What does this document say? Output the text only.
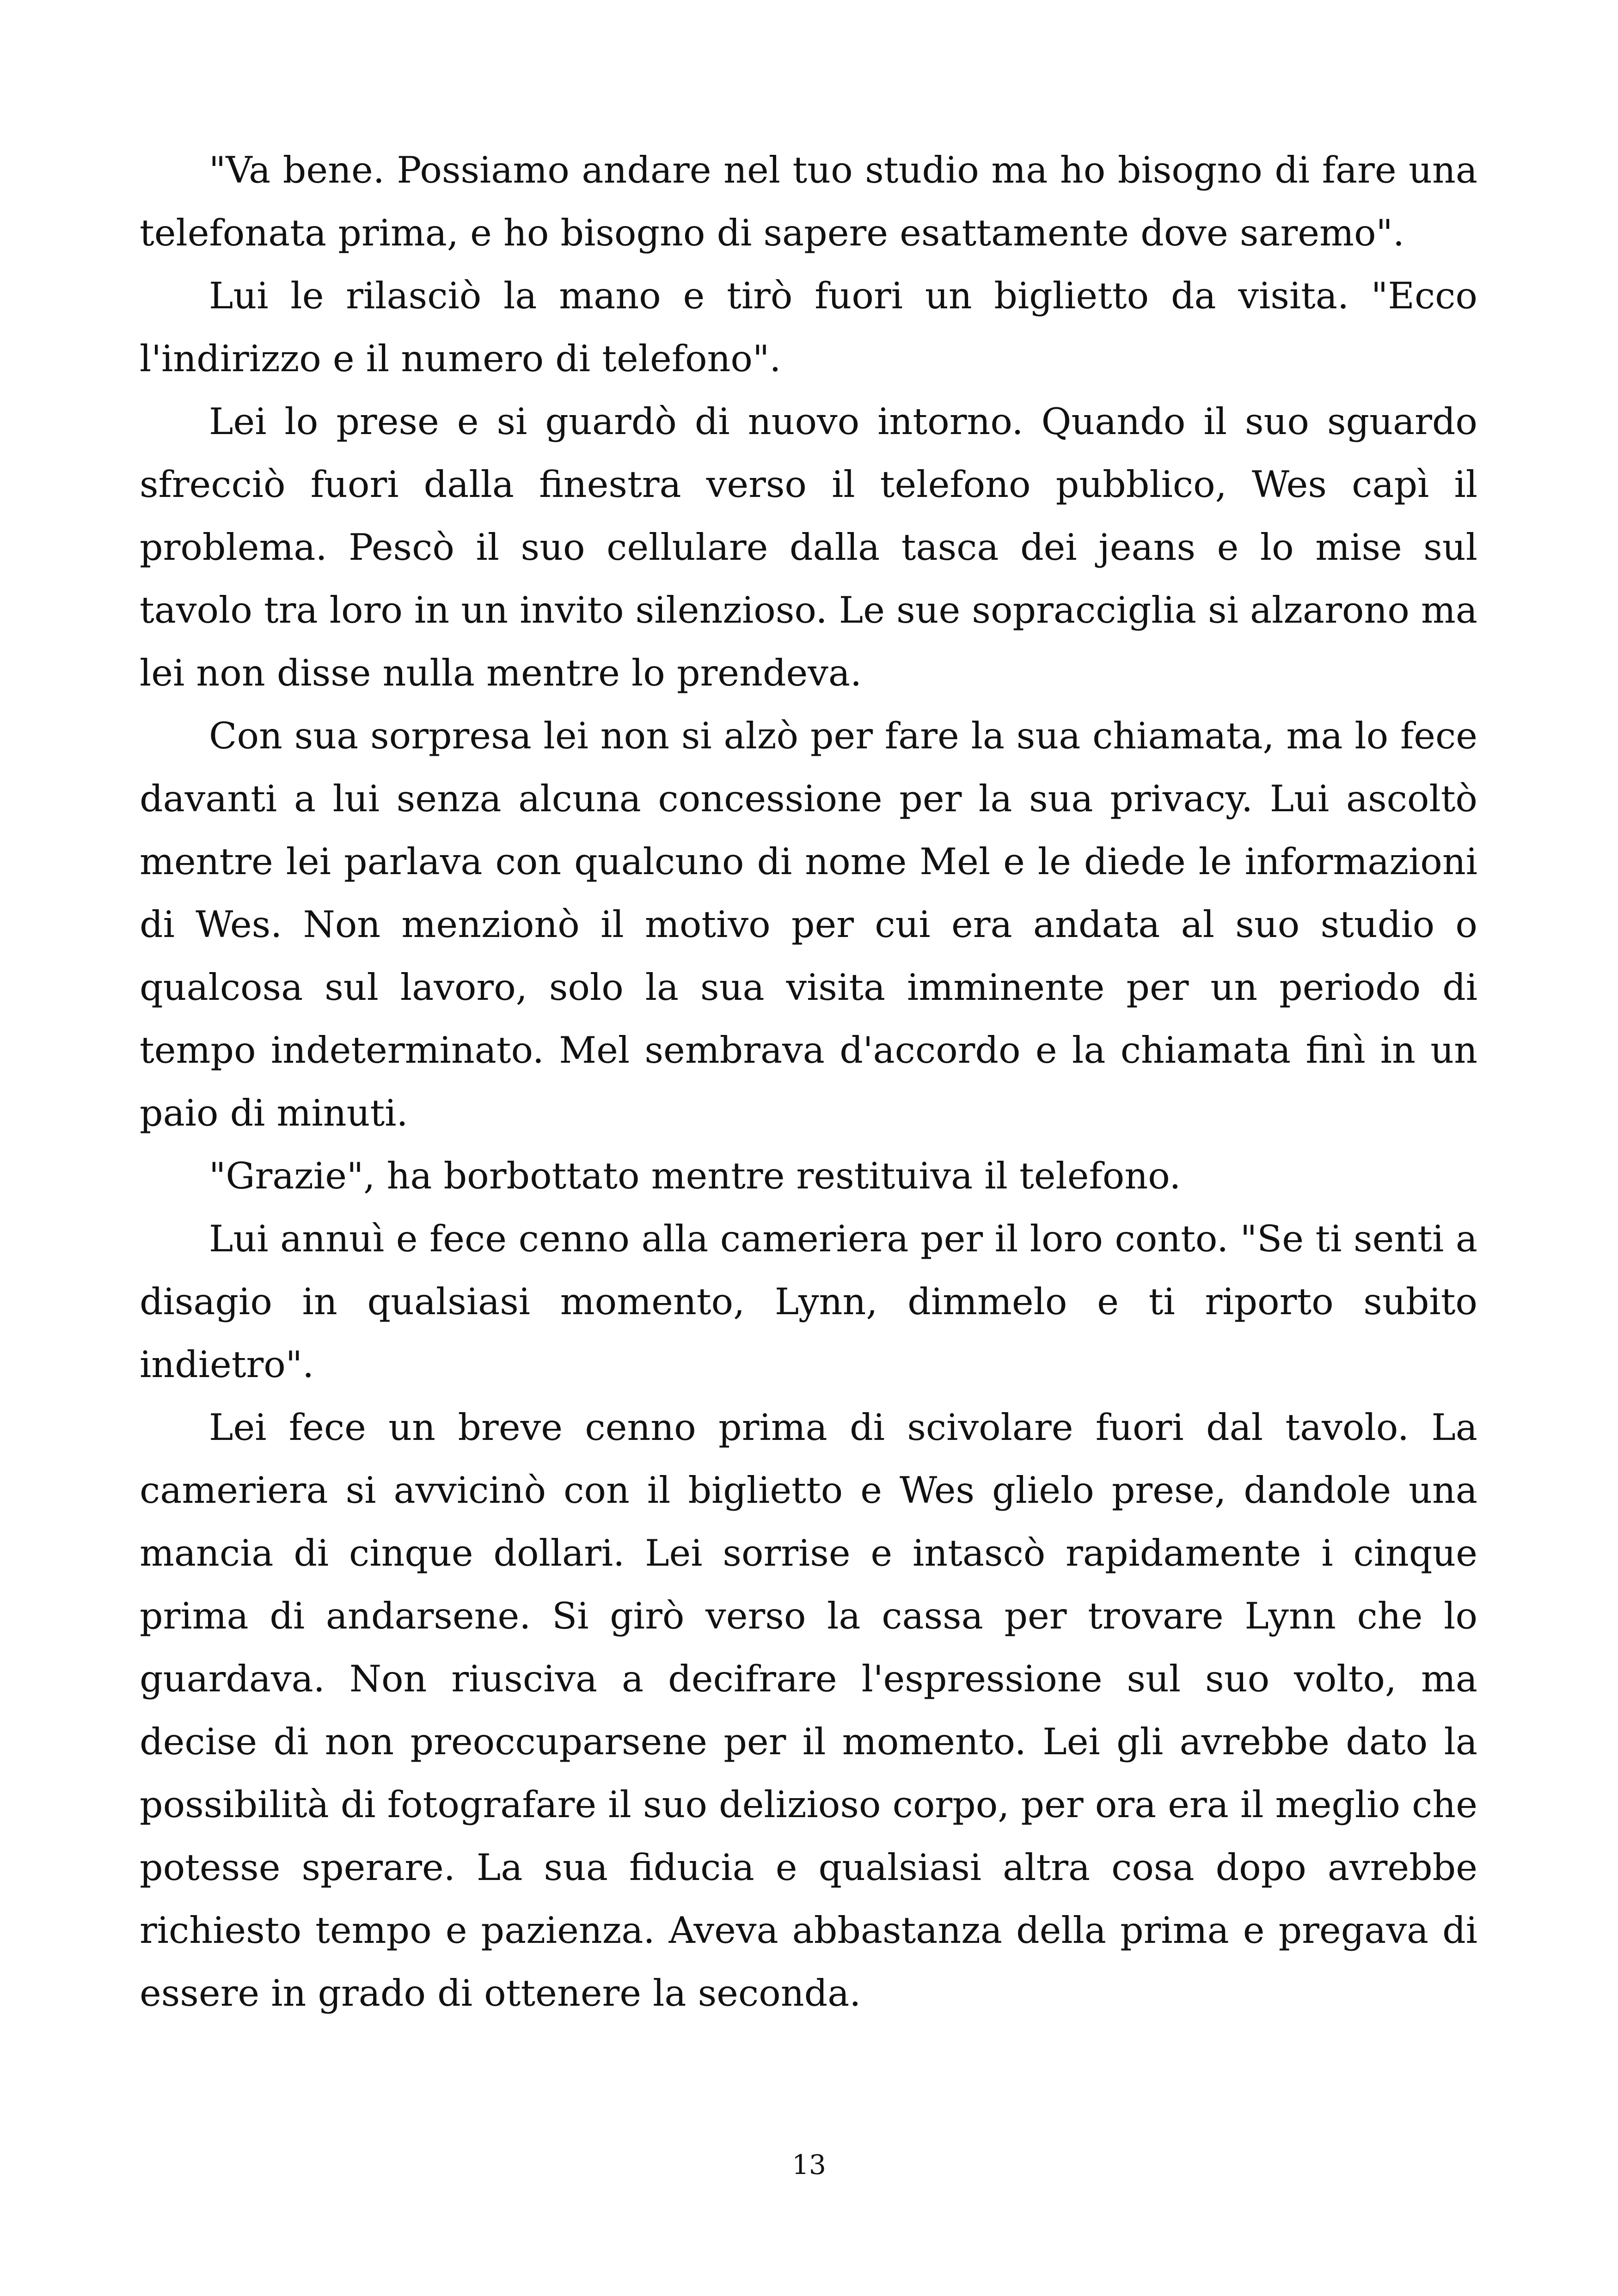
"Va bene. Possiamo andare nel tuo studio ma ho bisogno di fare una telefonata prima, e ho bisogno di sapere esattamente dove saremo".

Lui le rilasciò la mano e tirò fuori un biglietto da visita. "Ecco l'indirizzo e il numero di telefono".

Lei lo prese e si guardò di nuovo intorno. Quando il suo sguardo sfrecciò fuori dalla finestra verso il telefono pubblico, Wes capì il problema. Pescò il suo cellulare dalla tasca dei jeans e lo mise sul tavolo tra loro in un invito silenzioso. Le sue sopracciglia si alzarono ma lei non disse nulla mentre lo prendeva.

Con sua sorpresa lei non si alzò per fare la sua chiamata, ma lo fece davanti a lui senza alcuna concessione per la sua privacy. Lui ascoltò mentre lei parlava con qualcuno di nome Mel e le diede le informazioni di Wes. Non menzionò il motivo per cui era andata al suo studio o qualcosa sul lavoro, solo la sua visita imminente per un periodo di tempo indeterminato. Mel sembrava d'accordo e la chiamata finì in un paio di minuti.

"Grazie", ha borbottato mentre restituiva il telefono.

Lui annuì e fece cenno alla cameriera per il loro conto. "Se ti senti a disagio in qualsiasi momento, Lynn, dimmelo e ti riporto subito indietro".

Lei fece un breve cenno prima di scivolare fuori dal tavolo. La cameriera si avvicinò con il biglietto e Wes glielo prese, dandole una mancia di cinque dollari. Lei sorrise e intascò rapidamente i cinque prima di andarsene. Si girò verso la cassa per trovare Lynn che lo guardava. Non riusciva a decifrare l'espressione sul suo volto, ma decise di non preoccuparsene per il momento. Lei gli avrebbe dato la possibilità di fotografare il suo delizioso corpo, per ora era il meglio che potesse sperare. La sua fiducia e qualsiasi altra cosa dopo avrebbe richiesto tempo e pazienza. Aveva abbastanza della prima e pregava di essere in grado di ottenere la seconda.

13
